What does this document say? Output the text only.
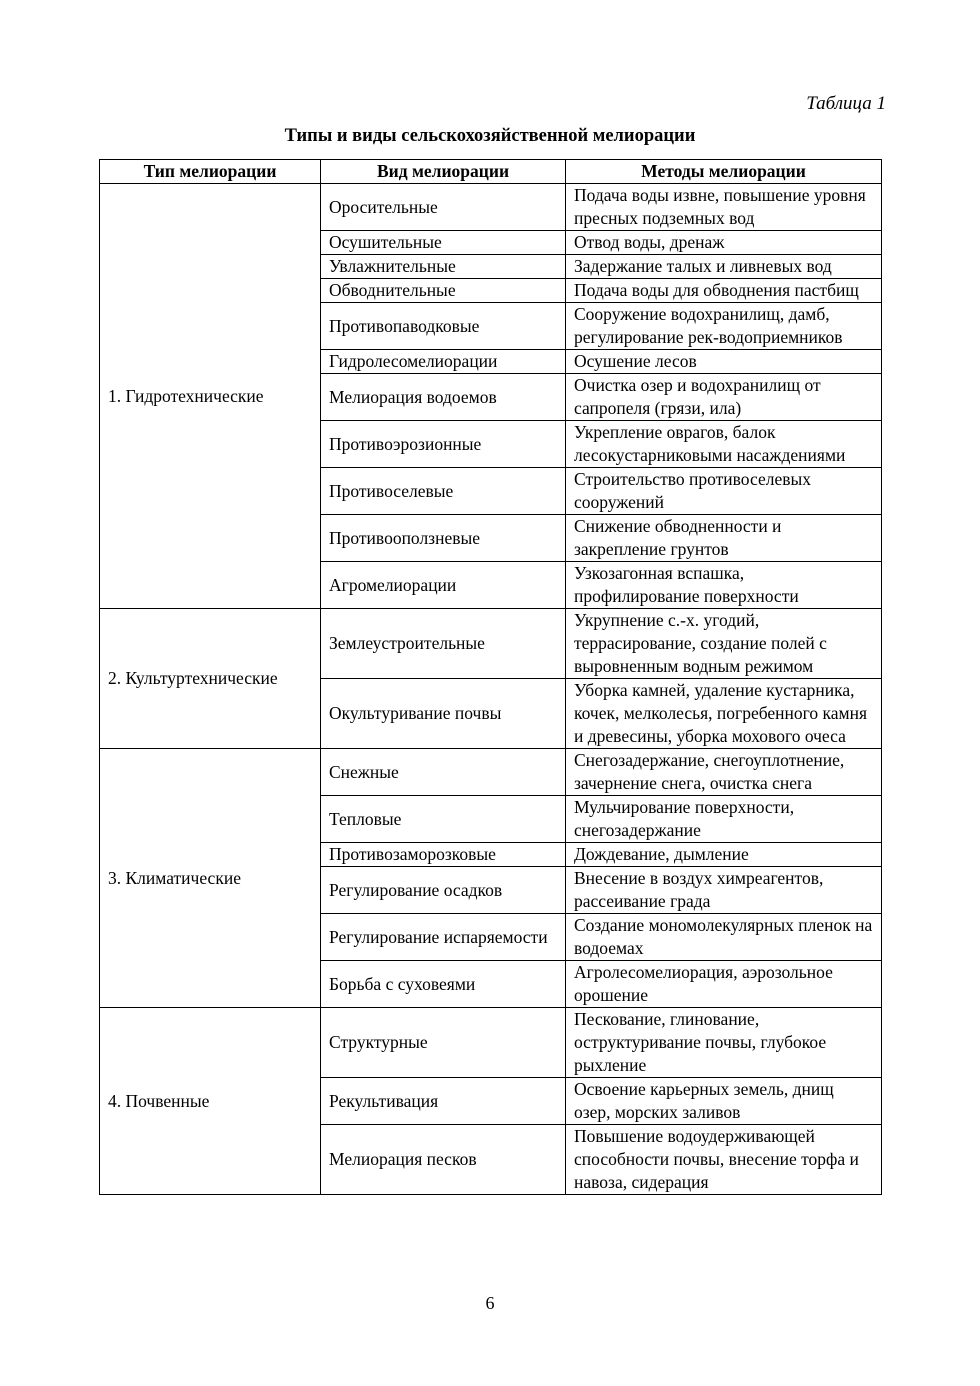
Таблица 1
Типы и виды сельскохозяйственной мелиорации
Тип мелиорации	Вид мелиорации	Методы мелиорации
1. Гидротехнические	Оросительные	Подача воды извне, повышение уровня пресных подземных вод
	Осушительные	Отвод воды, дренаж
	Увлажнительные	Задержание талых и ливневых вод
	Обводнительные	Подача воды для обводнения пастбищ
	Противопаводковые	Сооружение водохранилищ, дамб, регулирование рек-водоприемников
	Гидролесомелиорации	Осушение лесов
	Мелиорация водоемов	Очистка озер и водохранилищ от сапропеля (грязи, ила)
	Противоэрозионные	Укрепление оврагов, балок лесокустарниковыми насаждениями
	Противоселевые	Строительство противоселевых сооружений
	Противооползневые	Снижение обводненности и закрепление грунтов
	Агромелиорации	Узкозагонная вспашка, профилирование поверхности
2. Культуртехнические	Землеустроительные	Укрупнение с.-х. угодий, террасирование, создание полей с выровненным водным режимом
	Окультуривание почвы	Уборка камней, удаление кустарника, кочек, мелколесья, погребенного камня и древесины, уборка мохового очеса
3. Климатические	Снежные	Снегозадержание, снегоуплотнение, зачернение снега, очистка снега
	Тепловые	Мульчирование поверхности, снегозадержание
	Противозаморозковые	Дождевание, дымление
	Регулирование осадков	Внесение в воздух химреагентов, рассеивание града
	Регулирование испаряемости	Создание мономолекулярных пленок на водоемах
	Борьба с суховеями	Агролесомелиорация, аэрозольное орошение
4. Почвенные	Структурные	Пескование, глинование, оструктуривание почвы, глубокое рыхление
	Рекультивация	Освоение карьерных земель, днищ озер, морских заливов
	Мелиорация песков	Повышение водоудерживающей способности почвы, внесение торфа и навоза, сидерация
6
